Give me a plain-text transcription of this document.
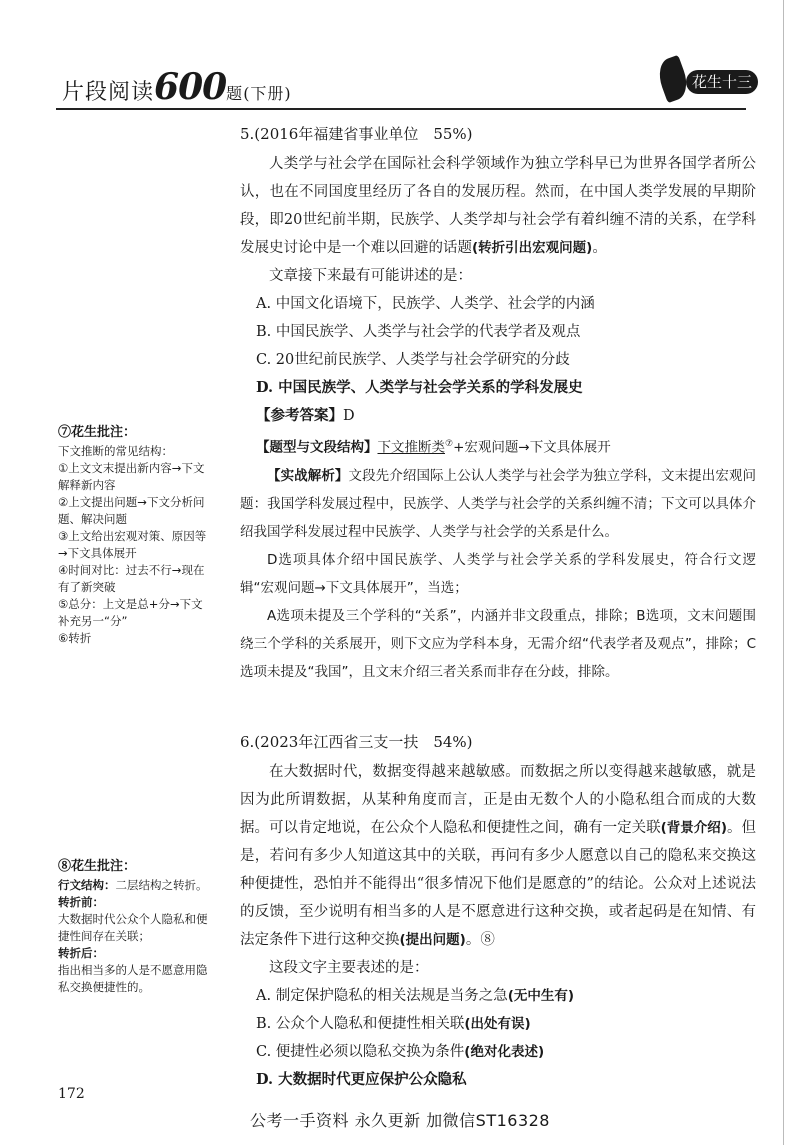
片段阅读600题(下册)
花生十三
5.(2016年福建省事业单位　55%)
人类学与社会学在国际社会科学领域作为独立学科早已为世界各国学者所公认，也在不同国度里经历了各自的发展历程。然而，在中国人类学发展的早期阶段，即20世纪前半期，民族学、人类学却与社会学有着纠缠不清的关系，在学科发展史讨论中是一个难以回避的话题(转折引出宏观问题)。
文章接下来最有可能讲述的是：
A. 中国文化语境下，民族学、人类学、社会学的内涵
B. 中国民族学、人类学与社会学的代表学者及观点
C. 20世纪前民族学、人类学与社会学研究的分歧
D. 中国民族学、人类学与社会学关系的学科发展史
【参考答案】D
【题型与文段结构】下文推断类⑦+宏观问题→下文具体展开
【实战解析】文段先介绍国际上公认人类学与社会学为独立学科，文末提出宏观问题：我国学科发展过程中，民族学、人类学与社会学的关系纠缠不清；下文可以具体介绍我国学科发展过程中民族学、人类学与社会学的关系是什么。
D选项具体介绍中国民族学、人类学与社会学关系的学科发展史，符合行文逻辑“宏观问题→下文具体展开”，当选；
A选项未提及三个学科的“关系”，内涵并非文段重点，排除；B选项，文末问题围绕三个学科的关系展开，则下文应为学科本身，无需介绍“代表学者及观点”，排除；C选项未提及“我国”，且文末介绍三者关系而非存在分歧，排除。
⑦花生批注：
下文推断的常见结构：
①上文文末提出新内容→下文解释新内容
②上文提出问题→下文分析问题、解决问题
③上文给出宏观对策、原因等→下文具体展开
④时间对比：过去不行→现在有了新突破
⑤总分：上文是总+分→下文补充另一“分”
⑥转折
6.(2023年江西省三支一扶　54%)
在大数据时代，数据变得越来越敏感。而数据之所以变得越来越敏感，就是因为此所谓数据，从某种角度而言，正是由无数个人的小隐私组合而成的大数据。可以肯定地说，在公众个人隐私和便捷性之间，确有一定关联(背景介绍)。但是，若问有多少人知道这其中的关联，再问有多少人愿意以自己的隐私来交换这种便捷性，恐怕并不能得出“很多情况下他们是愿意的”的结论。公众对上述说法的反馈，至少说明有相当多的人是不愿意进行这种交换，或者起码是在知情、有法定条件下进行这种交换(提出问题)。⑧
这段文字主要表述的是：
A. 制定保护隐私的相关法规是当务之急(无中生有)
B. 公众个人隐私和便捷性相关联(出处有误)
C. 便捷性必须以隐私交换为条件(绝对化表述)
D. 大数据时代更应保护公众隐私
⑧花生批注：
行文结构：二层结构之转折。
转折前：
大数据时代公众个人隐私和便捷性间存在关联；
转折后：
指出相当多的人是不愿意用隐私交换便捷性的。
172
公考一手资料 永久更新 加微信ST16328
